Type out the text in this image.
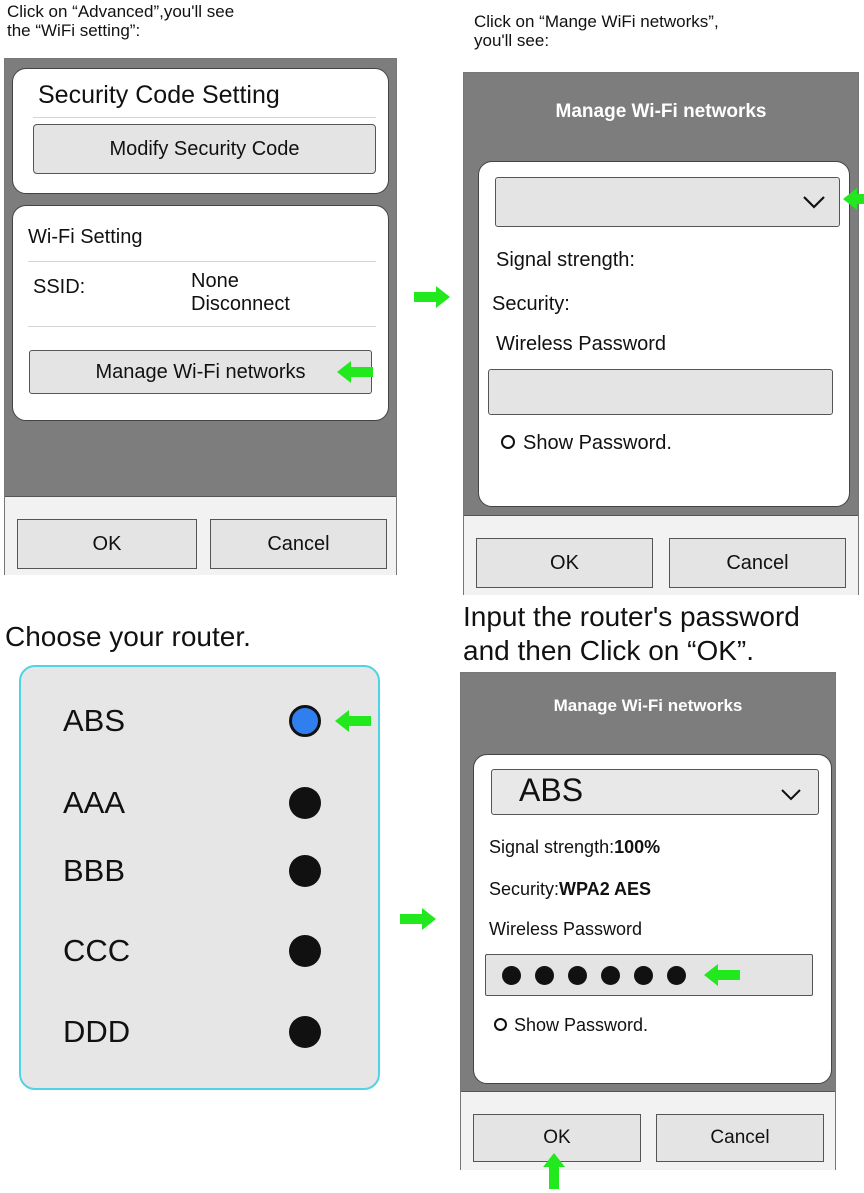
Click on “Advanced”,you'll see
the “WiFi setting”:	Click on “Mange WiFi networks”,
you'll see:
Choose your router.
Input the router's password
and then Click on “OK”.
Security Code Setting
Modify Security Code
Wi-Fi Setting
SSID:	None
Disconnect
Manage Wi-Fi networks
OK	Cancel
Manage Wi-Fi networks
Signal strength:
Security:
Wireless Password
Show Password.
OK	Cancel
ABS
AAA
BBB
CCC
DDD
Manage Wi-Fi networks
ABS
Signal strength:100%
Security:WPA2 AES
Wireless Password
Show Password.
OK	Cancel
